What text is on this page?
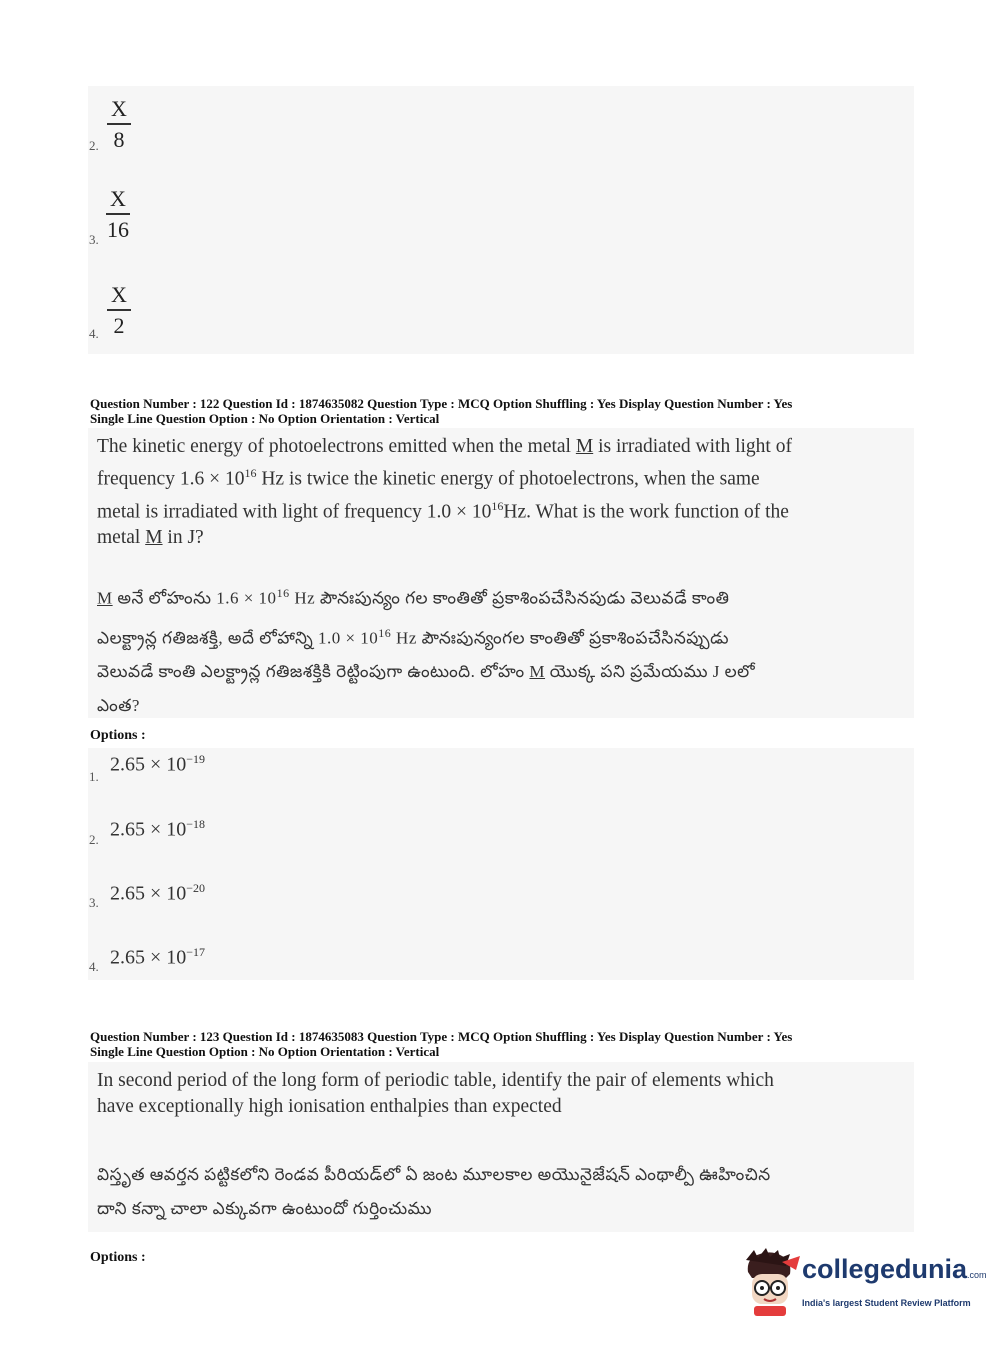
2.
X
8
3.
X
16
4.
X
2
Question Number : 122 Question Id : 1874635082 Question Type : MCQ Option Shuffling : Yes Display Question Number : Yes
Single Line Question Option : No Option Orientation : Vertical
The kinetic energy of photoelectrons emitted when the metal M is irradiated with light of
frequency $1.6 \times 10^{16}$ Hz is twice the kinetic energy of photoelectrons, when the same
metal is irradiated with light of frequency $1.0 \times 10^{16}Hz$. What is the work function of the
metal M in J?
M అనే లోహంను $1.6 \times 10^{16}$ Hz పౌనఃపున్యం గల కాంతితో ప్రకాశింపచేసినపుడు వెలువడే కాంతి
ఎలక్ట్రాన్ల గతిజశక్తి, అదే లోహాన్ని $1.0 \times 10^{16}$ Hz పౌనఃపున్యంగల కాంతితో ప్రకాశింపచేసినప్పుడు
వెలువడే కాంతి ఎలక్ట్రాన్ల గతిజశక్తికి రెట్టింపుగా ఉంటుంది. లోహం M యొక్క పని ప్రమేయము J లలో
ఎంత?
Options :
1.
$2.65 \times 10^{-19}$
2. $2.65 \times 10^{-18}$
3. $2.65 \times 10^{-20}$
4. $2.65 \times 10^{-17}$
Question Number : 123 Question Id : 1874635083 Question Type : MCQ Option Shuffling : Yes Display Question Number : Yes
Single Line Question Option : No Option Orientation : Vertical
In second period of the long form of periodic table, identify the pair of elements which
have exceptionally high ionisation enthalpies than expected
విస్తృత ఆవర్తన పట్టికలోని రెండవ పీరియడ్‌లో ఏ జంట మూలకాల అయొనైజేషన్ ఎంథాల్పీ ఊహించిన
దాని కన్నా చాలా ఎక్కువగా ఉంటుందో గుర్తించుము
Options :	collegedunia.com
India's largest Student Review Platform
